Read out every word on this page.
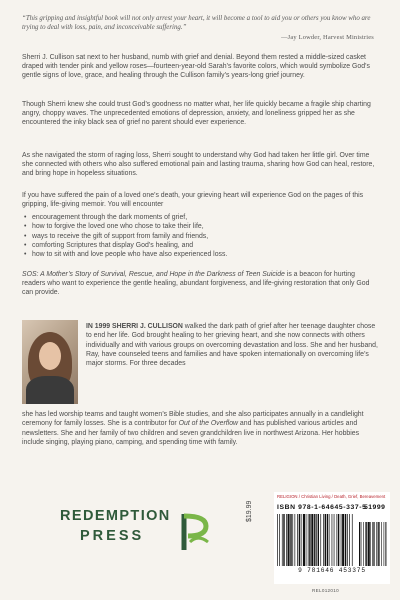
“This gripping and insightful book will not only arrest your heart, it will become a tool to aid you or others you know who are trying to deal with loss, pain, and inconceivable suffering.”

—Jay Lowder, Harvest Ministries

Sherri J. Cullison sat next to her husband, numb with grief and denial. Beyond them rested a middle-sized casket draped with tender pink and yellow roses—fourteen-year-old Sarah’s favorite colors, which would symbolize God’s gentle signs of love, grace, and healing through the Cullison family’s years-long grief journey.

Though Sherri knew she could trust God’s goodness no matter what, her life quickly became a fragile ship charting angry, choppy waves. The unprecedented emotions of depression, anxiety, and loneliness gripped her as she encountered the inky black sea of grief no parent should ever experience.

As she navigated the storm of raging loss, Sherri sought to understand why God had taken her little girl. Over time she connected with others who also suffered emotional pain and lasting trauma, sharing how God can heal, restore, and bring hope in hopeless situations.

If you have suffered the pain of a loved one’s death, your grieving heart will experience God on the pages of this gripping, life-giving memoir. You will encounter

• encouragement through the dark moments of grief,
• how to forgive the loved one who chose to take their life,
• ways to receive the gift of support from family and friends,
• comforting Scriptures that display God’s healing, and
• how to sit with and love people who have also experienced loss.

SOS: A Mother’s Story of Survival, Rescue, and Hope in the Darkness of Teen Suicide is a beacon for hurting readers who want to experience the gentle healing, abundant forgiveness, and life-giving restoration that only God can provide.

IN 1999 SHERRI J. CULLISON walked the dark path of grief after her teenage daughter chose to end her life. God brought healing to her grieving heart, and she now connects with others individually and with various groups on overcoming devastation and loss. She and her husband, Ray, have counseled teens and families and have spoken internationally on overcoming life’s major storms. For three decades

she has led worship teams and taught women’s Bible studies, and she also participates annually in a candlelight ceremony for family losses. She is a contributor for Out of the Overflow and has published various articles and newsletters. She and her family of two children and seven grandchildren live in northwest Arizona. Her hobbies include singing, playing piano, camping, and spending time with family.

REDEMPTION
PRESS
$19.99
RELIGION / Christian Living / Death, Grief, Bereavement
ISBN 978-1-64645-337-5
51999
9 781646 453375
REL012010
